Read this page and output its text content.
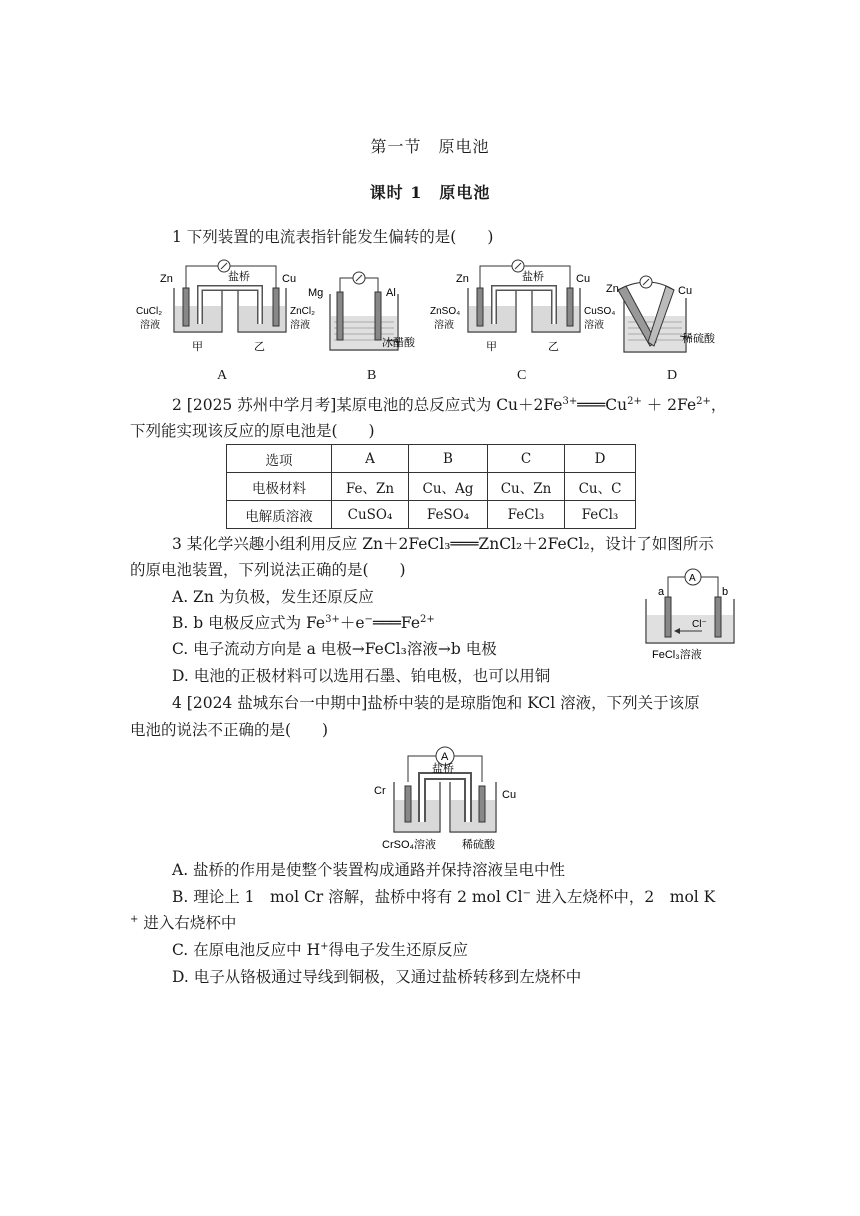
第一节　原电池
课时 1　原电池
1 下列装置的电流表指针能发生偏转的是(　　)
Zn	Cu
盐桥
CuCl₂
溶液
ZnCl₂
溶液
甲	乙
Mg	Al
冰醋酸
Zn	Cu
盐桥
ZnSO₄
溶液
CuSO₄
溶液
甲	乙
Zn	Cu
稀硫酸
A	B	C	D
2 [2025 苏州中学月考]某原电池的总反应式为 $Cu+2Fe^{3+}═══Cu^{2+} + 2Fe^{2+}$，
下列能实现该反应的原电池是(　　)
选项	A	B	C	D
电极材料	Fe、Zn	Cu、Ag	Cu、Zn	Cu、C
电解质溶液	CuSO₄	FeSO₄	FeCl₃	FeCl₃
3 某化学兴趣小组利用反应 Zn＋2FeCl₃═══ZnCl₂＋2FeCl₂，设计了如图所示
的原电池装置，下列说法正确的是(　　)
A. Zn 为负极，发生还原反应
B. b 电极反应式为 $Fe^{3+}+e^-═══Fe^{2+}$
C. 电子流动方向是 a 电极→FeCl₃溶液→b 电极
D. 电池的正极材料可以选用石墨、铂电极，也可以用铜
A
a	b
Cl⁻
FeCl₃溶液
4 [2024 盐城东台一中期中]盐桥中装的是琼脂饱和 KCl 溶液，下列关于该原
电池的说法不正确的是(　　)
A
盐桥
Cr	Cu
CrSO₄溶液 稀硫酸
A. 盐桥的作用是使整个装置构成通路并保持溶液呈电中性
B. 理论上 1　mol Cr 溶解，盐桥中将有 2 mol Cl− 进入左烧杯中，2　mol K
+ 进入右烧杯中
C. 在原电池反应中 H+得电子发生还原反应
D. 电子从铬极通过导线到铜极，又通过盐桥转移到左烧杯中
